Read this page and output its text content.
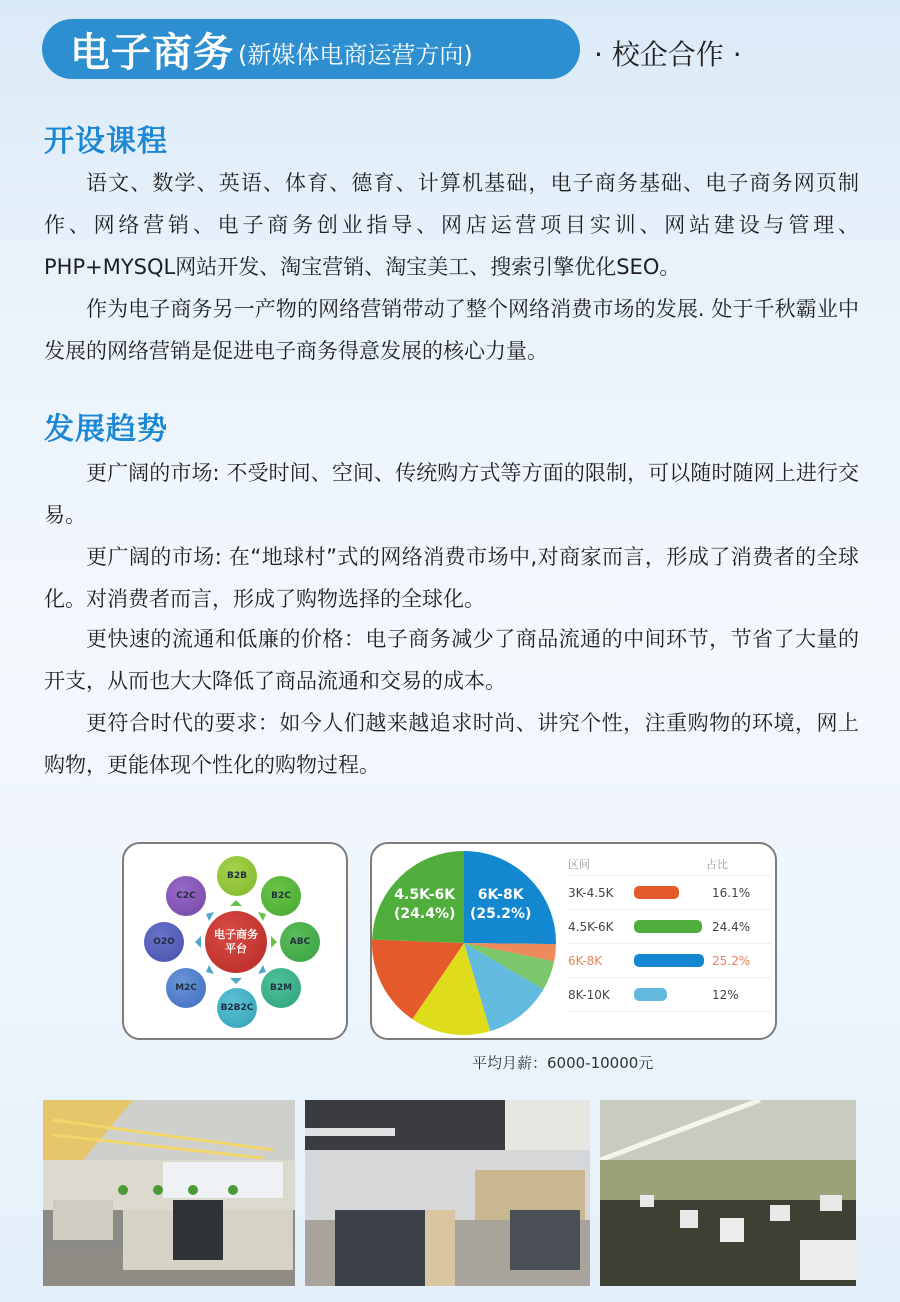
电子商务 (新媒体电商运营方向)	· 校企合作 ·
开设课程

语文、数学、英语、体育、德育、计算机基础，电子商务基础、电子商务网页制作、网络营销、电子商务创业指导、网店运营项目实训、网站建设与管理、PHP+MYSQL网站开发、淘宝营销、淘宝美工、搜索引擎优化SEO。

作为电子商务另一产物的网络营销带动了整个网络消费市场的发展. 处于千秋霸业中发展的网络营销是促进电子商务得意发展的核心力量。

发展趋势

更广阔的市场: 不受时间、空间、传统购方式等方面的限制，可以随时随网上进行交易。

更广阔的市场: 在“地球村”式的网络消费市场中,对商家而言，形成了消费者的全球化。对消费者而言，形成了购物选择的全球化。

更快速的流通和低廉的价格：电子商务减少了商品流通的中间环节，节省了大量的开支，从而也大大降低了商品流通和交易的成本。

更符合时代的要求：如今人们越来越追求时尚、讲究个性，注重购物的环境，网上购物，更能体现个性化的购物过程。

B2B
B2C
ABC
B2M
B2B2C
M2C
O2O
C2C
电子商务
平台
4.5K-6K
(24.4%)
6K-8K
(25.2%)
区间	占比
3K-4.5K	16.1%
4.5K-6K	24.4%
6K-8K	25.2%
8K-10K	12%
平均月薪：6000-10000元
